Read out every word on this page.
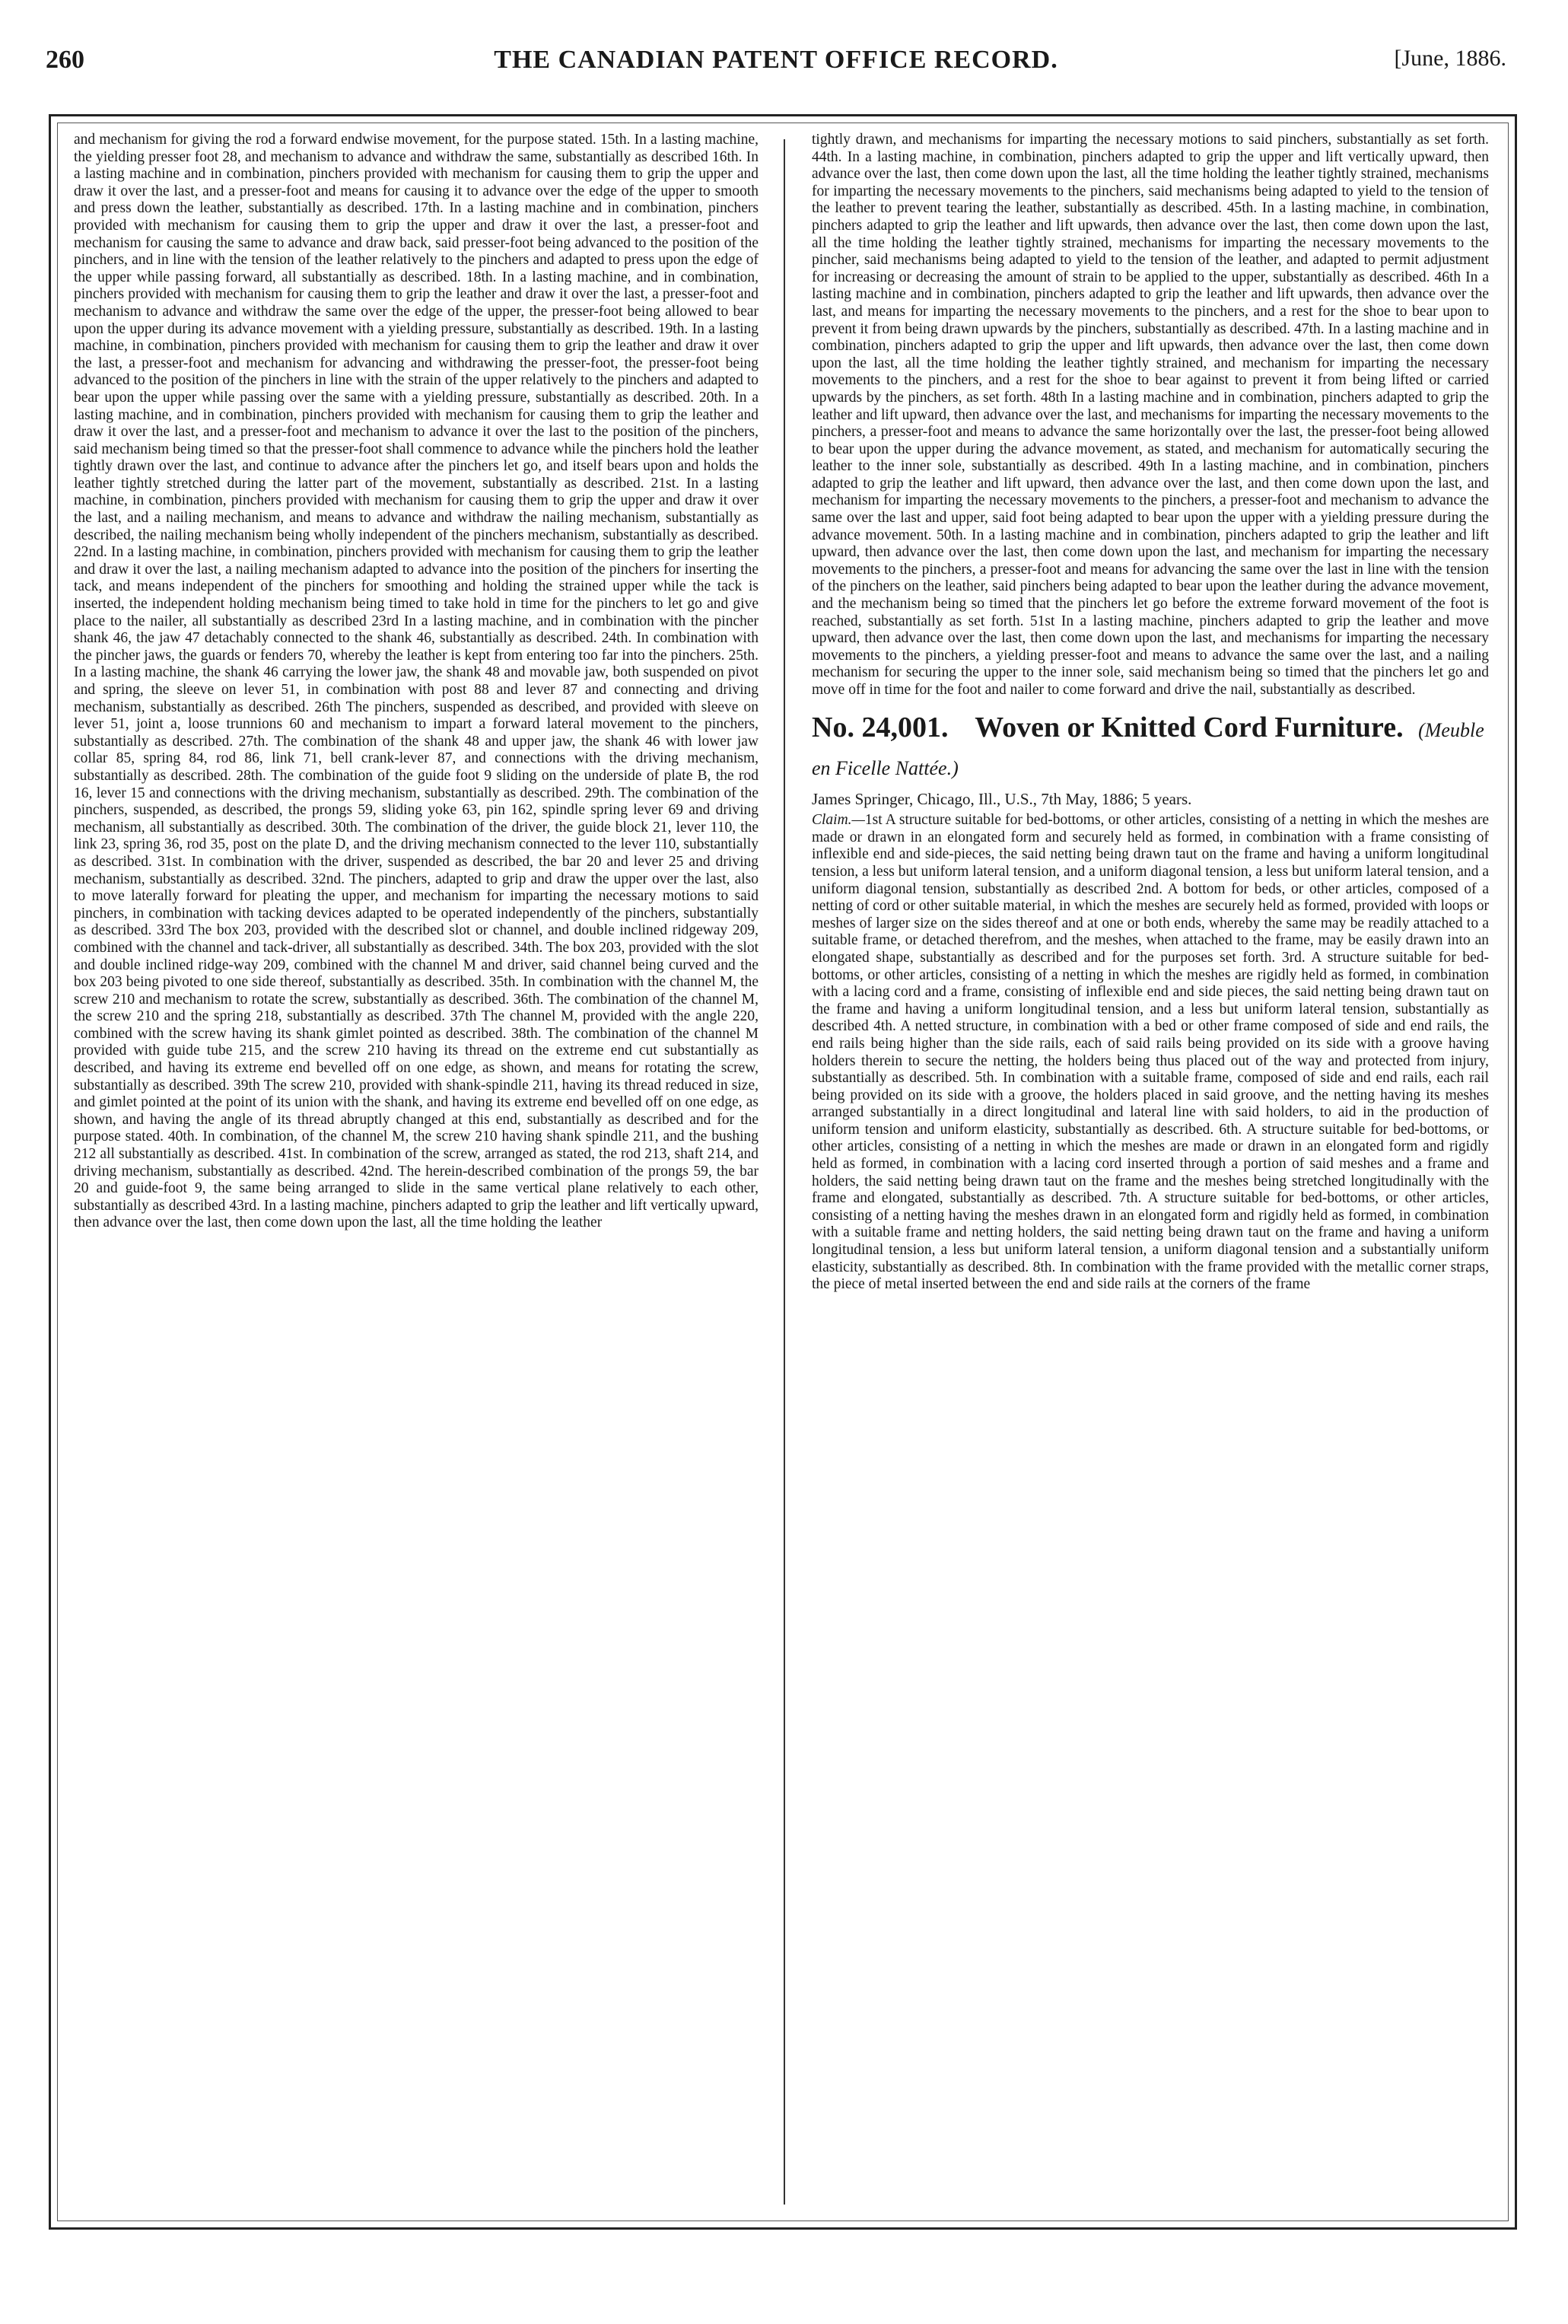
260	THE CANADIAN PATENT OFFICE RECORD.	[June, 1886.

and mechanism for giving the rod a forward endwise movement, for the purpose stated. 15th. In a lasting machine, the yielding presser foot 28, and mechanism to advance and withdraw the same, substantially as described 16th. In a lasting machine and in combination, pinchers provided with mechanism for causing them to grip the upper and draw it over the last, and a presser-foot and means for causing it to advance over the edge of the upper to smooth and press down the leather, substantially as described. 17th. In a lasting machine and in combination, pinchers provided with mechanism for causing them to grip the upper and draw it over the last, a presser-foot and mechanism for causing the same to advance and draw back, said presser-foot being advanced to the position of the pinchers, and in line with the tension of the leather relatively to the pinchers and adapted to press upon the edge of the upper while passing forward, all substantially as described. 18th. In a lasting machine, and in combination, pinchers provided with mechanism for causing them to grip the leather and draw it over the last, a presser-foot and mechanism to advance and withdraw the same over the edge of the upper, the presser-foot being allowed to bear upon the upper during its advance movement with a yielding pressure, substantially as described. 19th. In a lasting machine, in combination, pinchers provided with mechanism for causing them to grip the leather and draw it over the last, a presser-foot and mechanism for advancing and withdrawing the presser-foot, the presser-foot being advanced to the position of the pinchers in line with the strain of the upper relatively to the pinchers and adapted to bear upon the upper while passing over the same with a yielding pressure, substantially as described. 20th. In a lasting machine, and in combination, pinchers provided with mechanism for causing them to grip the leather and draw it over the last, and a presser-foot and mechanism to advance it over the last to the position of the pinchers, said mechanism being timed so that the presser-foot shall commence to advance while the pinchers hold the leather tightly drawn over the last, and continue to advance after the pinchers let go, and itself bears upon and holds the leather tightly stretched during the latter part of the movement, substantially as described. 21st. In a lasting machine, in combination, pinchers provided with mechanism for causing them to grip the upper and draw it over the last, and a nailing mechanism, and means to advance and withdraw the nailing mechanism, substantially as described, the nailing mechanism being wholly independent of the pinchers mechanism, substantially as described. 22nd. In a lasting machine, in combination, pinchers provided with mechanism for causing them to grip the leather and draw it over the last, a nailing mechanism adapted to advance into the position of the pinchers for inserting the tack, and means independent of the pinchers for smoothing and holding the strained upper while the tack is inserted, the independent holding mechanism being timed to take hold in time for the pinchers to let go and give place to the nailer, all substantially as described 23rd In a lasting machine, and in combination with the pincher shank 46, the jaw 47 detachably connected to the shank 46, substantially as described. 24th. In combination with the pincher jaws, the guards or fenders 70, whereby the leather is kept from entering too far into the pinchers. 25th. In a lasting machine, the shank 46 carrying the lower jaw, the shank 48 and movable jaw, both suspended on pivot and spring, the sleeve on lever 51, in combination with post 88 and lever 87 and connecting and driving mechanism, substantially as described. 26th The pinchers, suspended as described, and provided with sleeve on lever 51, joint a, loose trunnions 60 and mechanism to impart a forward lateral movement to the pinchers, substantially as described. 27th. The combination of the shank 48 and upper jaw, the shank 46 with lower jaw collar 85, spring 84, rod 86, link 71, bell crank-lever 87, and connections with the driving mechanism, substantially as described. 28th. The combination of the guide foot 9 sliding on the underside of plate B, the rod 16, lever 15 and connections with the driving mechanism, substantially as described. 29th. The combination of the pinchers, suspended, as described, the prongs 59, sliding yoke 63, pin 162, spindle spring lever 69 and driving mechanism, all substantially as described. 30th. The combination of the driver, the guide block 21, lever 110, the link 23, spring 36, rod 35, post on the plate D, and the driving mechanism connected to the lever 110, substantially as described. 31st. In combination with the driver, suspended as described, the bar 20 and lever 25 and driving mechanism, substantially as described. 32nd. The pinchers, adapted to grip and draw the upper over the last, also to move laterally forward for pleating the upper, and mechanism for imparting the necessary motions to said pinchers, in combination with tacking devices adapted to be operated independently of the pinchers, substantially as described. 33rd The box 203, provided with the described slot or channel, and double inclined ridgeway 209, combined with the channel and tack-driver, all substantially as described. 34th. The box 203, provided with the slot and double inclined ridge-way 209, combined with the channel M and driver, said channel being curved and the box 203 being pivoted to one side thereof, substantially as described. 35th. In combination with the channel M, the screw 210 and mechanism to rotate the screw, substantially as described. 36th. The combination of the channel M, the screw 210 and the spring 218, substantially as described. 37th The channel M, provided with the angle 220, combined with the screw having its shank gimlet pointed as described. 38th. The combination of the channel M provided with guide tube 215, and the screw 210 having its thread on the extreme end cut substantially as described, and having its extreme end bevelled off on one edge, as shown, and means for rotating the screw, substantially as described. 39th The screw 210, provided with shank-spindle 211, having its thread reduced in size, and gimlet pointed at the point of its union with the shank, and having its extreme end bevelled off on one edge, as shown, and having the angle of its thread abruptly changed at this end, substantially as described and for the purpose stated. 40th. In combination, of the channel M, the screw 210 having shank spindle 211, and the bushing 212 all substantially as described. 41st. In combination of the screw, arranged as stated, the rod 213, shaft 214, and driving mechanism, substantially as described. 42nd. The herein-described combination of the prongs 59, the bar 20 and guide-foot 9, the same being arranged to slide in the same vertical plane relatively to each other, substantially as described 43rd. In a lasting machine, pinchers adapted to grip the leather and lift vertically upward, then advance over the last, then come down upon the last, all the time holding the leather

tightly drawn, and mechanisms for imparting the necessary motions to said pinchers, substantially as set forth. 44th. In a lasting machine, in combination, pinchers adapted to grip the upper and lift vertically upward, then advance over the last, then come down upon the last, all the time holding the leather tightly strained, mechanisms for imparting the necessary movements to the pinchers, said mechanisms being adapted to yield to the tension of the leather to prevent tearing the leather, substantially as described. 45th. In a lasting machine, in combination, pinchers adapted to grip the leather and lift upwards, then advance over the last, then come down upon the last, all the time holding the leather tightly strained, mechanisms for imparting the necessary movements to the pincher, said mechanisms being adapted to yield to the tension of the leather, and adapted to permit adjustment for increasing or decreasing the amount of strain to be applied to the upper, substantially as described. 46th In a lasting machine and in combination, pinchers adapted to grip the leather and lift upwards, then advance over the last, and means for imparting the necessary movements to the pinchers, and a rest for the shoe to bear upon to prevent it from being drawn upwards by the pinchers, substantially as described. 47th. In a lasting machine and in combination, pinchers adapted to grip the upper and lift upwards, then advance over the last, then come down upon the last, all the time holding the leather tightly strained, and mechanism for imparting the necessary movements to the pinchers, and a rest for the shoe to bear against to prevent it from being lifted or carried upwards by the pinchers, as set forth. 48th In a lasting machine and in combination, pinchers adapted to grip the leather and lift upward, then advance over the last, and mechanisms for imparting the necessary movements to the pinchers, a presser-foot and means to advance the same horizontally over the last, the presser-foot being allowed to bear upon the upper during the advance movement, as stated, and mechanism for automatically securing the leather to the inner sole, substantially as described. 49th In a lasting machine, and in combination, pinchers adapted to grip the leather and lift upward, then advance over the last, and then come down upon the last, and mechanism for imparting the necessary movements to the pinchers, a presser-foot and mechanism to advance the same over the last and upper, said foot being adapted to bear upon the upper with a yielding pressure during the advance movement. 50th. In a lasting machine and in combination, pinchers adapted to grip the leather and lift upward, then advance over the last, then come down upon the last, and mechanism for imparting the necessary movements to the pinchers, a presser-foot and means for advancing the same over the last in line with the tension of the pinchers on the leather, said pinchers being adapted to bear upon the leather during the advance movement, and the mechanism being so timed that the pinchers let go before the extreme forward movement of the foot is reached, substantially as set forth. 51st In a lasting machine, pinchers adapted to grip the leather and move upward, then advance over the last, then come down upon the last, and mechanisms for imparting the necessary movements to the pinchers, a yielding presser-foot and means to advance the same over the last, and a nailing mechanism for securing the upper to the inner sole, said mechanism being so timed that the pinchers let go and move off in time for the foot and nailer to come forward and drive the nail, substantially as described.

No. 24,001. Woven or Knitted Cord Furniture. (Meuble en Ficelle Nattée.)

James Springer, Chicago, Ill., U.S., 7th May, 1886; 5 years.

Claim.—1st A structure suitable for bed-bottoms, or other articles, consisting of a netting in which the meshes are made or drawn in an elongated form and securely held as formed, in combination with a frame consisting of inflexible end and side-pieces, the said netting being drawn taut on the frame and having a uniform longitudinal tension, a less but uniform lateral tension, and a uniform diagonal tension, a less but uniform lateral tension, and a uniform diagonal tension, substantially as described 2nd. A bottom for beds, or other articles, composed of a netting of cord or other suitable material, in which the meshes are securely held as formed, provided with loops or meshes of larger size on the sides thereof and at one or both ends, whereby the same may be readily attached to a suitable frame, or detached therefrom, and the meshes, when attached to the frame, may be easily drawn into an elongated shape, substantially as described and for the purposes set forth. 3rd. A structure suitable for bed-bottoms, or other articles, consisting of a netting in which the meshes are rigidly held as formed, in combination with a lacing cord and a frame, consisting of inflexible end and side pieces, the said netting being drawn taut on the frame and having a uniform longitudinal tension, and a less but uniform lateral tension, substantially as described 4th. A netted structure, in combination with a bed or other frame composed of side and end rails, the end rails being higher than the side rails, each of said rails being provided on its side with a groove having holders therein to secure the netting, the holders being thus placed out of the way and protected from injury, substantially as described. 5th. In combination with a suitable frame, composed of side and end rails, each rail being provided on its side with a groove, the holders placed in said groove, and the netting having its meshes arranged substantially in a direct longitudinal and lateral line with said holders, to aid in the production of uniform tension and uniform elasticity, substantially as described. 6th. A structure suitable for bed-bottoms, or other articles, consisting of a netting in which the meshes are made or drawn in an elongated form and rigidly held as formed, in combination with a lacing cord inserted through a portion of said meshes and a frame and holders, the said netting being drawn taut on the frame and the meshes being stretched longitudinally with the frame and elongated, substantially as described. 7th. A structure suitable for bed-bottoms, or other articles, consisting of a netting having the meshes drawn in an elongated form and rigidly held as formed, in combination with a suitable frame and netting holders, the said netting being drawn taut on the frame and having a uniform longitudinal tension, a less but uniform lateral tension, a uniform diagonal tension and a substantially uniform elasticity, substantially as described. 8th. In combination with the frame provided with the metallic corner straps, the piece of metal inserted between the end and side rails at the corners of the frame
